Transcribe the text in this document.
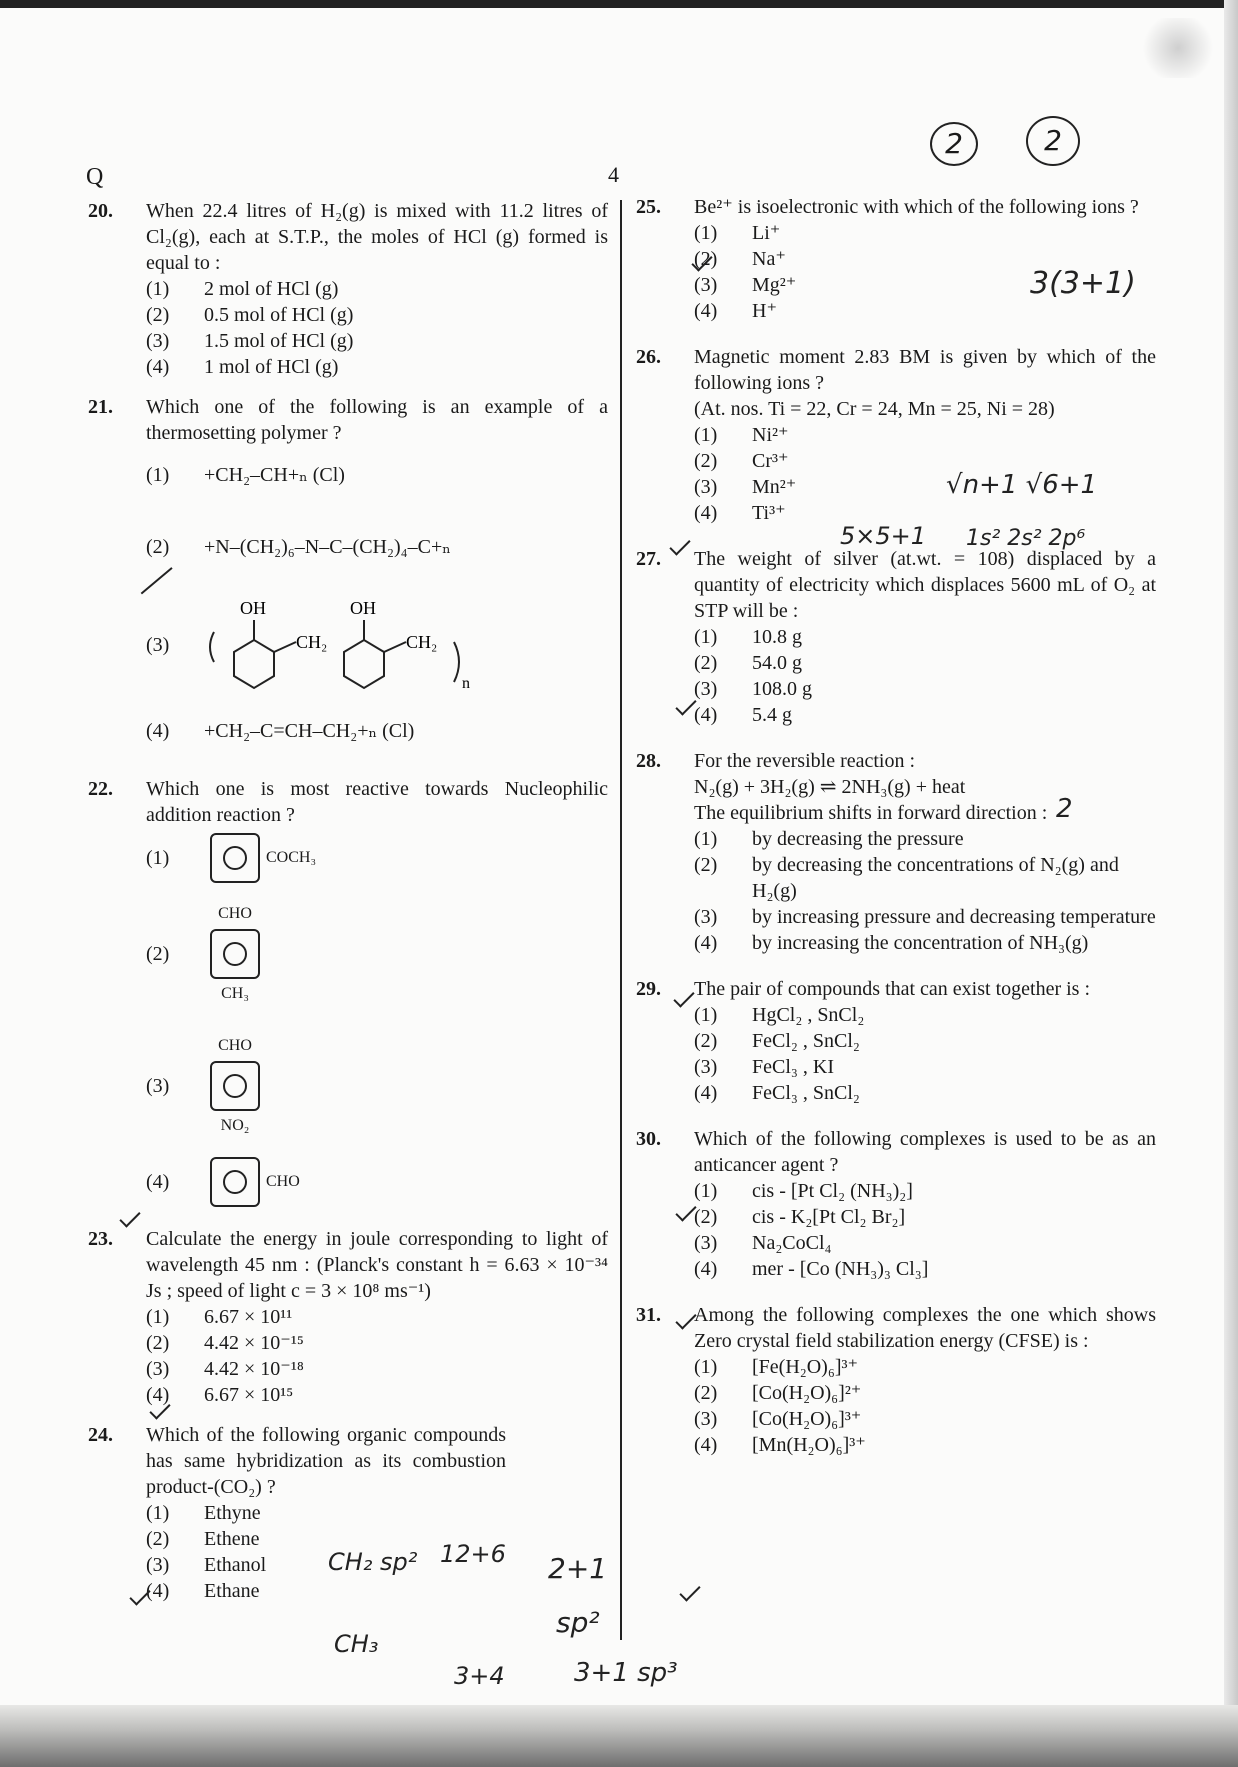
Q	4
2	2
20. When 22.4 litres of H₂(g) is mixed with 11.2 litres of Cl₂(g), each at S.T.P., the moles of HCl (g) formed is equal to :
(1)	2 mol of HCl (g)
(2)	0.5 mol of HCl (g)
(3)	1.5 mol of HCl (g)
(4)	1 mol of HCl (g)
21. Which one of the following is an example of a thermosetting polymer ?
(1)	+CH₂–CH+ₙ (Cl)
(2)	+N–(CH₂)₆–N–C–(CH₂)₄–C+ₙ
(3)
OH
CH₂
OH
CH₂
n
(4)	+CH₂–C=CH–CH₂+ₙ (Cl)
22. Which one is most reactive towards Nucleophilic addition reaction ?
(1)	COCH₃
(2)
CHO
CH₃
(3)
CHO
NO₂
(4)	CHO
23. Calculate the energy in joule corresponding to light of wavelength 45 nm : (Planck's constant h = 6.63 × 10⁻³⁴ Js ; speed of light c = 3 × 10⁸ ms⁻¹)
(1)	6.67 × 10¹¹
(2)	4.42 × 10⁻¹⁵
(3)	4.42 × 10⁻¹⁸
(4)	6.67 × 10¹⁵
24. Which of the following organic compounds has same hybridization as its combustion product-(CO₂) ?
(1)	Ethyne
(2)	Ethene
(3)	Ethanol
(4)	Ethane
25. Be²⁺ is isoelectronic with which of the following ions ?
(1)	Li⁺
(2)	Na⁺
(3)	Mg²⁺
(4)	H⁺
26. Magnetic moment 2.83 BM is given by which of the following ions ?
(At. nos. Ti = 22, Cr = 24, Mn = 25, Ni = 28)
(1)	Ni²⁺
(2)	Cr³⁺
(3)	Mn²⁺
(4)	Ti³⁺
27. The weight of silver (at.wt. = 108) displaced by a quantity of electricity which displaces 5600 mL of O₂ at STP will be :
(1)	10.8 g
(2)	54.0 g
(3)	108.0 g
(4)	5.4 g
28. For the reversible reaction :
N₂(g) + 3H₂(g) ⇌ 2NH₃(g) + heat
The equilibrium shifts in forward direction :
(1)	by decreasing the pressure
(2)	by decreasing the concentrations of N₂(g) and H₂(g)
(3)	by increasing pressure and decreasing temperature
(4)	by increasing the concentration of NH₃(g)
29. The pair of compounds that can exist together is :
(1)	HgCl₂ , SnCl₂
(2)	FeCl₂ , SnCl₂
(3)	FeCl₃ , KI
(4)	FeCl₃ , SnCl₂
30. Which of the following complexes is used to be as an anticancer agent ?
(1)	cis - [Pt Cl₂ (NH₃)₂]
(2)	cis - K₂[Pt Cl₂ Br₂]
(3)	Na₂CoCl₄
(4)	mer - [Co (NH₃)₃ Cl₃]
31. Among the following complexes the one which shows Zero crystal field stabilization energy (CFSE) is :
(1)	[Fe(H₂O)₆]³⁺
(2)	[Co(H₂O)₆]²⁺
(3)	[Co(H₂O)₆]³⁺
(4)	[Mn(H₂O)₆]³⁺
3(3+1)
5×5+1
√n+1 √6+1
1s² 2s² 2p⁶
2
CH₂ sp² 12+6 2+1
sp²
CH₃
3+4	3+1 sp³
